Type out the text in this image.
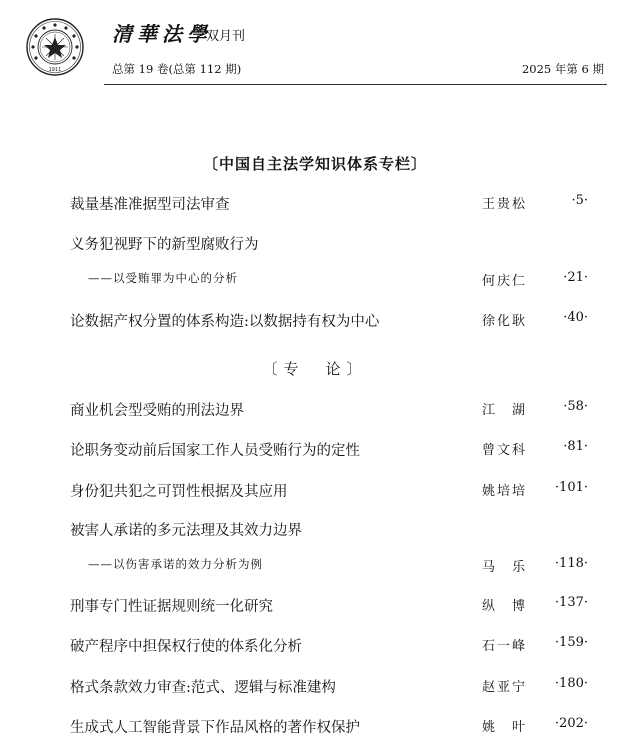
1911
清華法學
双月刊
总第 19 卷(总第 112 期)	2025 年第 6 期
〔中国自主法学知识体系专栏〕
裁量基准准据型司法审查	王贵松	·5·
义务犯视野下的新型腐败行为
——以受贿罪为中心的分析	何庆仁	·21·
论数据产权分置的体系构造:以数据持有权为中心	徐化耿	·40·
〔专　论〕
商业机会型受贿的刑法边界	江　湖	·58·
论职务变动前后国家工作人员受贿行为的定性	曾文科	·81·
身份犯共犯之可罚性根据及其应用	姚培培 ·101·
被害人承诺的多元法理及其效力边界
——以伤害承诺的效力分析为例	马　乐 ·118·
刑事专门性证据规则统一化研究	纵　博 ·137·
破产程序中担保权行使的体系化分析	石一峰 ·159·
格式条款效力审查:范式、逻辑与标准建构	赵亚宁 ·180·
生成式人工智能背景下作品风格的著作权保护	姚　叶 ·202·
